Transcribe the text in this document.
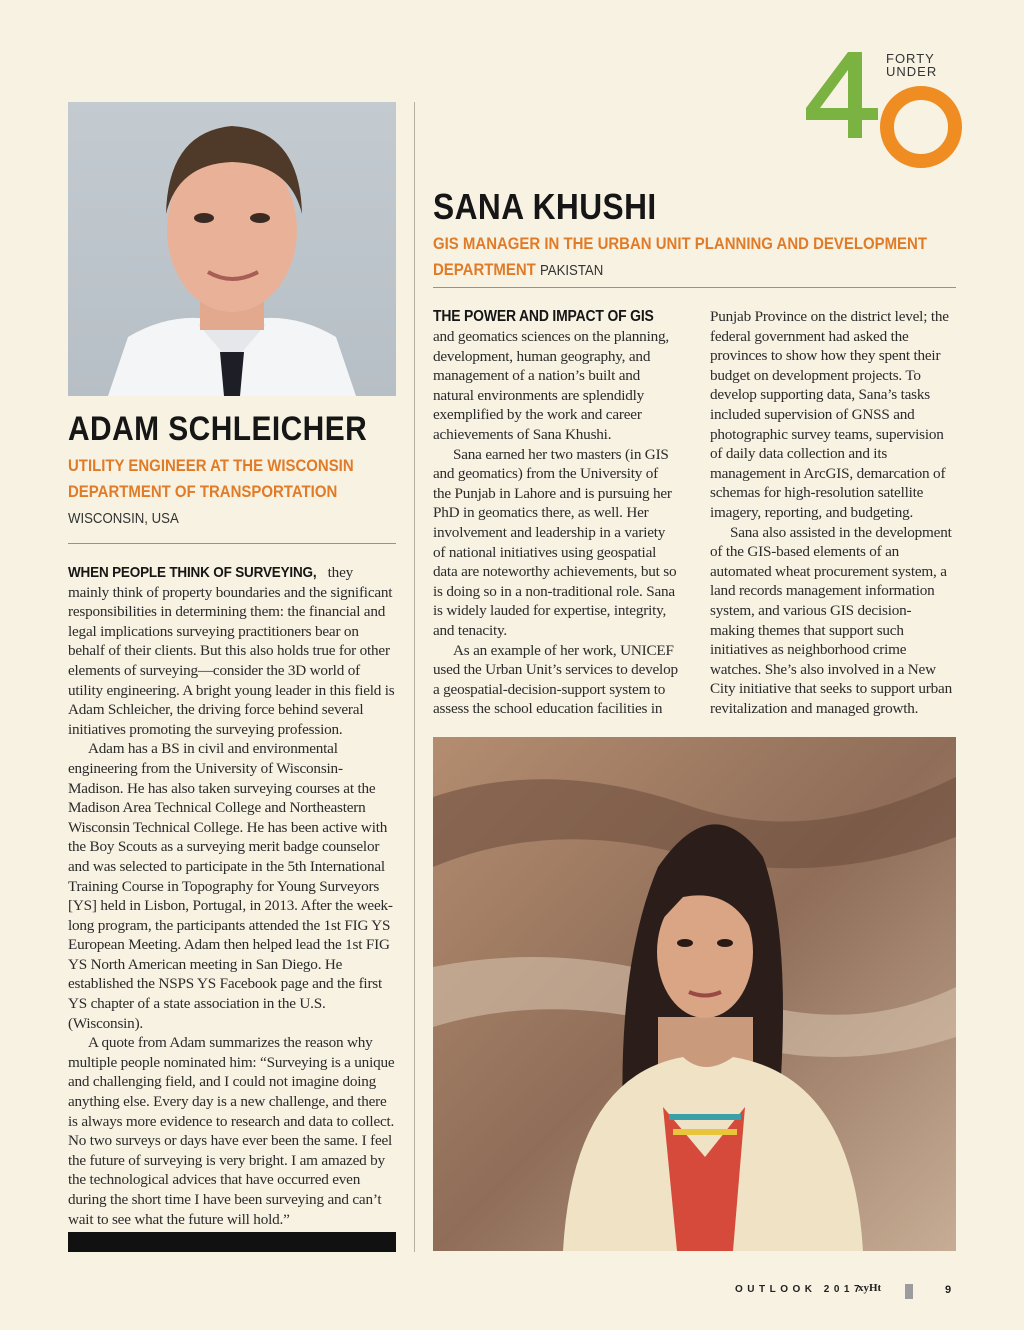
FORTY
UNDER
ADAM SCHLEICHER
UTILITY ENGINEER AT THE WISCONSIN DEPARTMENT OF TRANSPORTATION
WISCONSIN, USA

WHEN PEOPLE THINK OF SURVEYING, they mainly think of property boundaries and the significant responsibilities in determining them: the financial and legal implications surveying practitioners bear on behalf of their clients. But this also holds true for other elements of surveying—consider the 3D world of utility engineering. A bright young leader in this field is Adam Schleicher, the driving force behind several initiatives promoting the surveying profession.

Adam has a BS in civil and environmental engineering from the University of Wisconsin-Madison. He has also taken surveying courses at the Madison Area Technical College and Northeastern Wisconsin Technical College. He has been active with the Boy Scouts as a surveying merit badge counselor and was selected to participate in the 5th International Training Course in Topography for Young Surveyors [YS] held in Lisbon, Portugal, in 2013. After the week-long program, the participants attended the 1st FIG YS European Meeting. Adam then helped lead the 1st FIG YS North American meeting in San Diego. He established the NSPS YS Facebook page and the first YS chapter of a state association in the U.S. (Wisconsin).

A quote from Adam summarizes the reason why multiple people nominated him: “Surveying is a unique and challenging field, and I could not imagine doing anything else. Every day is a new challenge, and there is always more evidence to research and data to collect. No two surveys or days have ever been the same. I feel the future of surveying is very bright. I am amazed by the technological advices that have occurred even during the short time I have been surveying and can’t wait to see what the future will hold.”

SANA KHUSHI
GIS MANAGER IN THE URBAN UNIT PLANNING AND DEVELOPMENT DEPARTMENT PAKISTAN
THE POWER AND IMPACT OF GIS

and geomatics sciences on the planning, development, human geography, and management of a nation’s built and natural environments are splendidly exemplified by the work and career achievements of Sana Khushi.

Sana earned her two masters (in GIS and geomatics) from the University of the Punjab in Lahore and is pursuing her PhD in geomatics there, as well. Her involvement and leadership in a variety of national initiatives using geospatial data are noteworthy achievements, but so is doing so in a non-traditional role. Sana is widely lauded for expertise, integrity, and tenacity.

As an example of her work, UNICEF used the Urban Unit’s services to develop a geospatial-decision-support system to assess the school education facilities in Punjab Province on the district level; the federal government had asked the provinces to show how they spent their budget on development projects. To develop supporting data, Sana’s tasks included supervision of GNSS and photographic survey teams, supervision of daily data collection and its management in ArcGIS, demarcation of schemas for high-resolution satellite imagery, reporting, and budgeting.

Sana also assisted in the development of the GIS-based elements of an automated wheat procurement system, a land records management information system, and various GIS decision-making themes that support such initiatives as neighborhood crime watches. She’s also involved in a New City initiative that seeks to support urban revitalization and managed growth.

OUTLOOK 2017
xyHt	9
